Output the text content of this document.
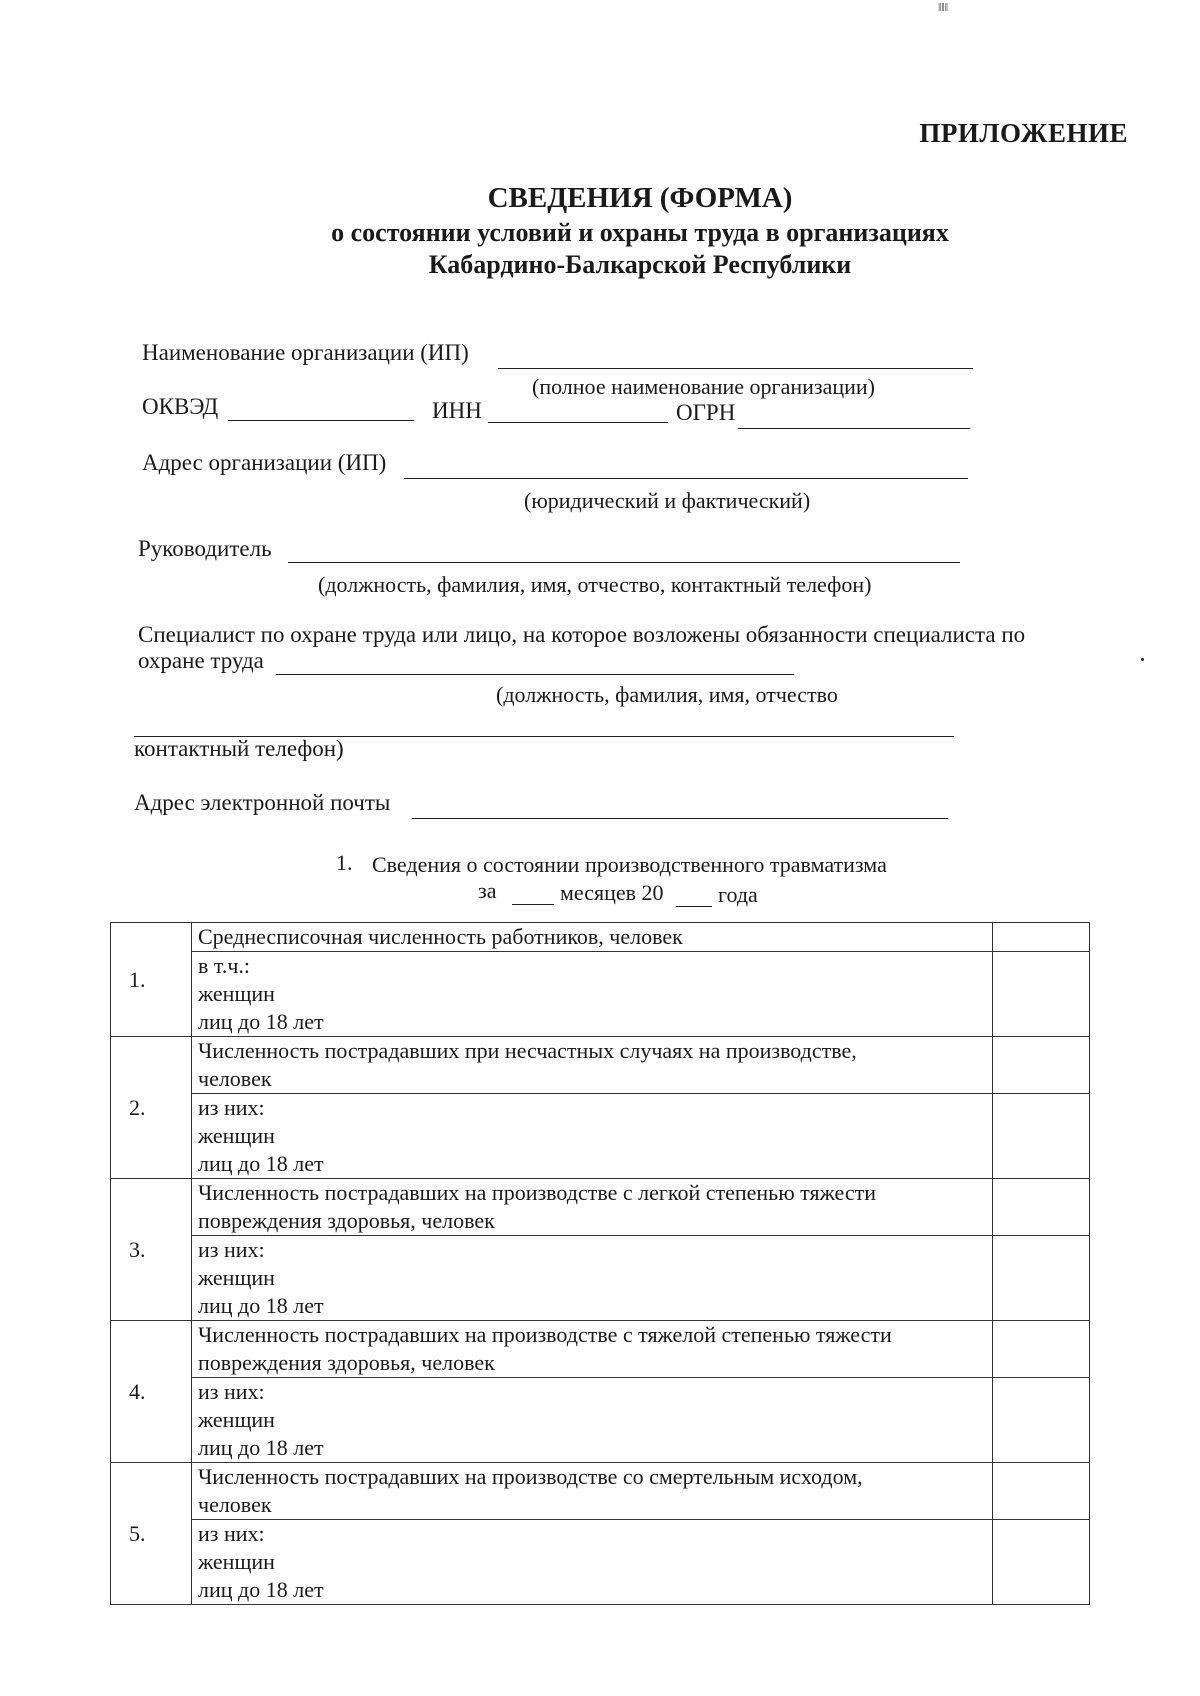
ПРИЛОЖЕНИЕ
СВЕДЕНИЯ (ФОРМА)
о состоянии условий и охраны труда в организациях
Кабардино-Балкарской Республики
Наименование организации (ИП)
(полное наименование организации)
ОКВЭД	ИНН	ОГРН
Адрес организации (ИП)
(юридический и фактический)
Руководитель
(должность, фамилия, имя, отчество, контактный телефон)
Специалист по охране труда или лицо, на которое возложены обязанности специалиста по
охране труда
(должность, фамилия, имя, отчество
контактный телефон)
Адрес электронной почты
1. Сведения о состоянии производственного травматизма
за	месяцев 20 года
1.	Среднесписочная численность работников, человек	

	в т.ч.:
женщин
лиц до 18 лет	

2.	Численность пострадавших при несчастных случаях на производстве,
человек	

	из них:
женщин
лиц до 18 лет	

3.	Численность пострадавших на производстве с легкой степенью тяжести
повреждения здоровья, человек	

	из них:
женщин
лиц до 18 лет	

4.	Численность пострадавших на производстве с тяжелой степенью тяжести
повреждения здоровья, человек	

	из них:
женщин
лиц до 18 лет	

5.	Численность пострадавших на производстве со смертельным исходом,
человек	

	из них:
женщин
лиц до 18 лет	

‖‖‖
